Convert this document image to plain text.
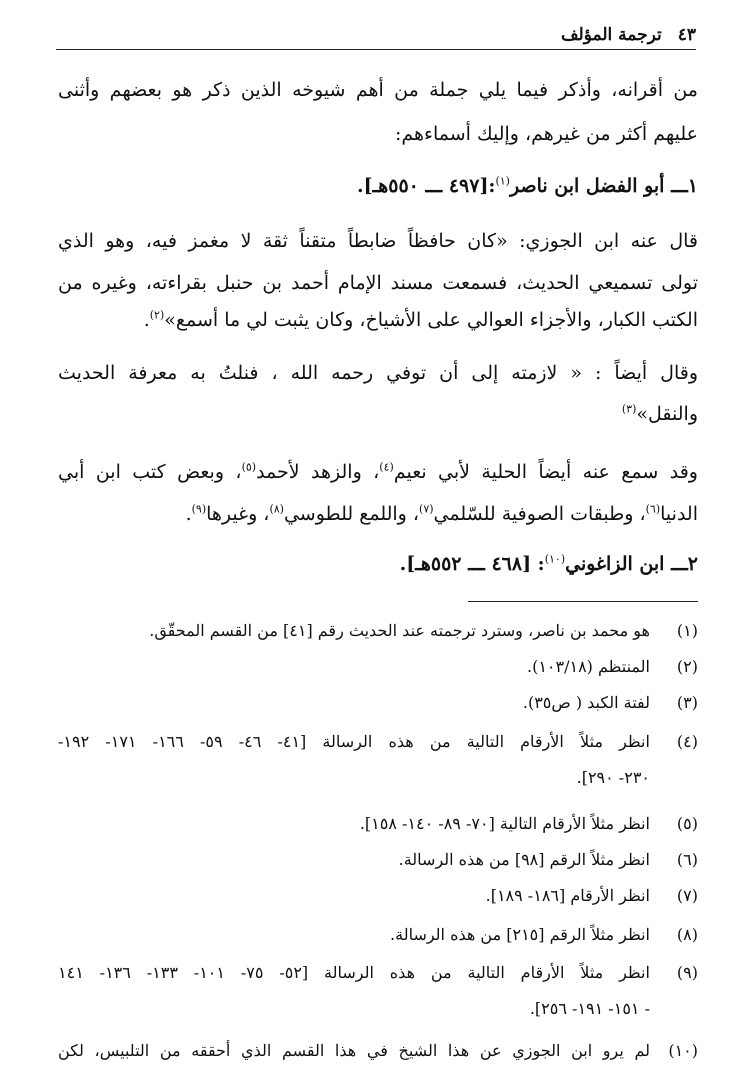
٤٣
ترجمة المؤلف
من أقرانه، وأذكر فيما يلي جملة من أهم شيوخه الذين ذكر هو بعضهم وأثنى
عليهم أكثر من غيرهم، وإليك أسماءهم:
١ـــ أبو الفضل ابن ناصر$^{(١)}$:[٤٩٧ ـــ ٥٥٠هـ].
قال عنه ابن الجوزي: «كان حافظاً ضابطاً متقناً ثقة لا مغمز فيه، وهو الذي
تولى تسميعي الحديث، فسمعت مسند الإمام أحمد بن حنبل بقراءته، وغيره من
الكتب الكبار، والأجزاء العوالي على الأشياخ، وكان يثبت لي ما أسمع»$^{(٢)}$.
وقال أيضاً : « لازمته إلى أن توفي رحمه الله ، فنلتُ به معرفة الحديث
والنقل»$^{(٣)}$
وقد سمع عنه أيضاً الحلية لأبي نعيم$^{(٤)}$، والزهد لأحمد$^{(٥)}$، وبعض كتب ابن أبي
الدنيا$^{(٦)}$، وطبقات الصوفية للسّلمي$^{(٧)}$، واللمع للطوسي$^{(٨)}$، وغيرها$^{(٩)}$.
٢ـــ ابن الزاغوني$^{(١٠)}$: [٤٦٨ ـــ ٥٥٢هـ].
(١)
هو محمد بن ناصر، وسترد ترجمته عند الحديث رقم [٤١] من القسم المحقّق.
(٢)
المنتظم (١٠٣/١٨).
(٣)
لفتة الكبد ( ص٣٥).
(٤)
انظر مثلاً الأرقام التالية من هذه الرسالة [٤١- ٤٦- ٥٩- ١٦٦- ١٧١- ١٩٢-
٢٣٠- ٢٩٠].
(٥)
انظر مثلاً الأرقام التالية [٧٠- ٨٩- ١٤٠- ١٥٨].
(٦)
انظر مثلاً الرقم [٩٨] من هذه الرسالة.
(٧)
انظر الأرقام [١٨٦- ١٨٩].
(٨)
انظر مثلاً الرقم [٢١٥] من هذه الرسالة.
(٩)
انظر مثلاً الأرقام التالية من هذه الرسالة [٥٢- ٧٥- ١٠١- ١٣٣- ١٣٦- ١٤١
- ١٥١- ١٩١- ٢٥٦].
(١٠)
لم يرو ابن الجوزي عن هذا الشيخ في هذا القسم الذي أحققه من التلبيس، لكن
